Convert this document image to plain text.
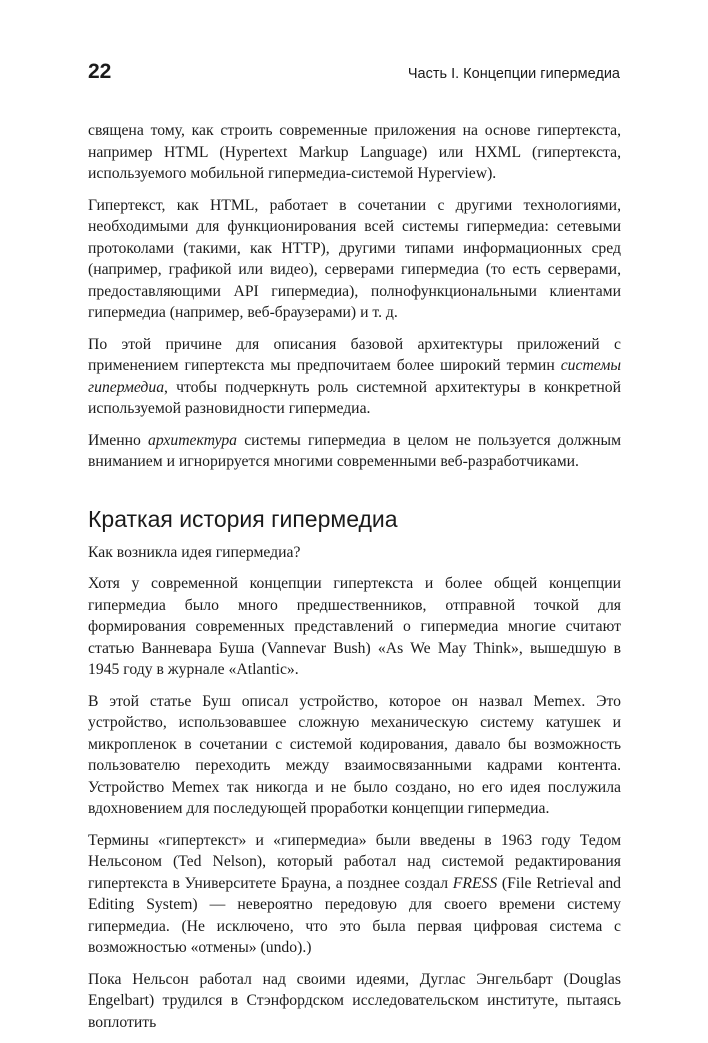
22	Часть I. Концепции гипермедиа

священа тому, как строить современные приложения на основе гипертекста, например HTML (Hypertext Markup Language) или HXML (гипертекста, используемого мобильной гипермедиа-системой Hyperview).

Гипертекст, как HTML, работает в сочетании с другими технологиями, необходимыми для функционирования всей системы гипермедиа: сетевыми протоколами (такими, как HTTP), другими типами информационных сред (например, графикой или видео), серверами гипермедиа (то есть серверами, предоставляющими API гипермедиа), полнофункциональными клиентами гипермедиа (например, веб-браузерами) и т. д.

По этой причине для описания базовой архитектуры приложений с применением гипертекста мы предпочитаем более широкий термин системы гипермедиа, чтобы подчеркнуть роль системной архитектуры в конкретной используемой разновидности гипермедиа.

Именно архитектура системы гипермедиа в целом не пользуется должным вниманием и игнорируется многими современными веб-разработчиками.

Краткая история гипермедиа

Как возникла идея гипермедиа?

Хотя у современной концепции гипертекста и более общей концепции гипермедиа было много предшественников, отправной точкой для формирования современных представлений о гипермедиа многие считают статью Ванневара Буша (Vannevar Bush) «As We May Think», вышедшую в 1945 году в журнале «Atlantic».

В этой статье Буш описал устройство, которое он назвал Memex. Это устройство, использовавшее сложную механическую систему катушек и микропленок в сочетании с системой кодирования, давало бы возможность пользователю переходить между взаимосвязанными кадрами контента. Устройство Memex так никогда и не было создано, но его идея послужила вдохновением для последующей проработки концепции гипермедиа.

Термины «гипертекст» и «гипермедиа» были введены в 1963 году Тедом Нельсоном (Ted Nelson), который работал над системой редактирования гипертекста в Университете Брауна, а позднее создал FRESS (File Retrieval and Editing System) — невероятно передовую для своего времени систему гипермедиа. (Не исключено, что это была первая цифровая система с возможностью «отмены» (undo).)

Пока Нельсон работал над своими идеями, Дуглас Энгельбарт (Douglas Engelbart) трудился в Стэнфордском исследовательском институте, пытаясь воплотить
